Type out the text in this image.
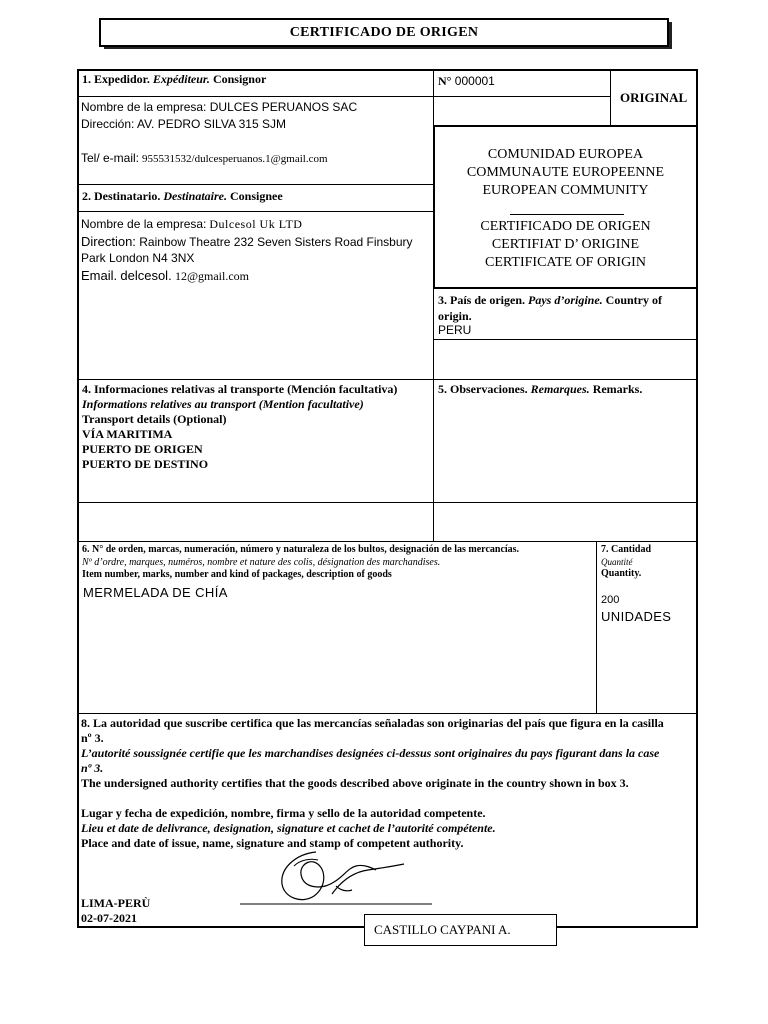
CERTIFICADO DE ORIGEN
1. Expedidor. Expéditeur. Consignor
Nombre de la empresa: DULCES PERUANOS SAC
Dirección: AV. PEDRO SILVA 315 SJM
Tel/ e-mail: 955531532/dulcesperuanos.1@gmail.com
N° 000001
ORIGINAL
2. Destinatario. Destinataire. Consignee
Nombre de la empresa: Dulcesol Uk LTD
Direction: Rainbow Theatre 232 Seven Sisters Road Finsbury
Park London N4 3NX
Email. delcesol. 12@gmail.com
COMUNIDAD EUROPEA
COMMUNAUTE EUROPEENNE
EUROPEAN COMMUNITY
CERTIFICADO DE ORIGEN
CERTIFIAT D’ ORIGINE
CERTIFICATE OF ORIGIN
3. País de origen. Pays d’origine. Country of
origin.
PERU
4. Informaciones relativas al transporte (Mención facultativa)
Informations relatives au transport (Mention facultative)
Transport details (Optional)
VÍA MARITIMA
PUERTO DE ORIGEN
PUERTO DE DESTINO
5. Observaciones. Remarques. Remarks.
6. N° de orden, marcas, numeración, número y naturaleza de los bultos, designación de las mercancías.
Nº d’ordre, marques, numéros, nombre et nature des colis, désignation des marchandises.
Item number, marks, number and kind of packages, description of goods
MERMELADA DE CHÍA
7. Cantidad
Quantité
Quantity.
200
UNIDADES
8. La autoridad que suscribe certifica que las mercancías señaladas son originarias del país que figura en la casilla
nº 3.
L’autorité soussignée certifie que les marchandises designées ci-dessus sont originaires du pays figurant dans la case
nº 3.
The undersigned authority certifies that the goods described above originate in the country shown in box 3.
Lugar y fecha de expedición, nombre, firma y sello de la autoridad competente.
Lieu et date de delivrance, designation, signature et cachet de l’autorité compétente.
Place and date of issue, name, signature and stamp of competent authority.
LIMA-PERÙ
02-07-2021
CASTILLO CAYPANI A.
